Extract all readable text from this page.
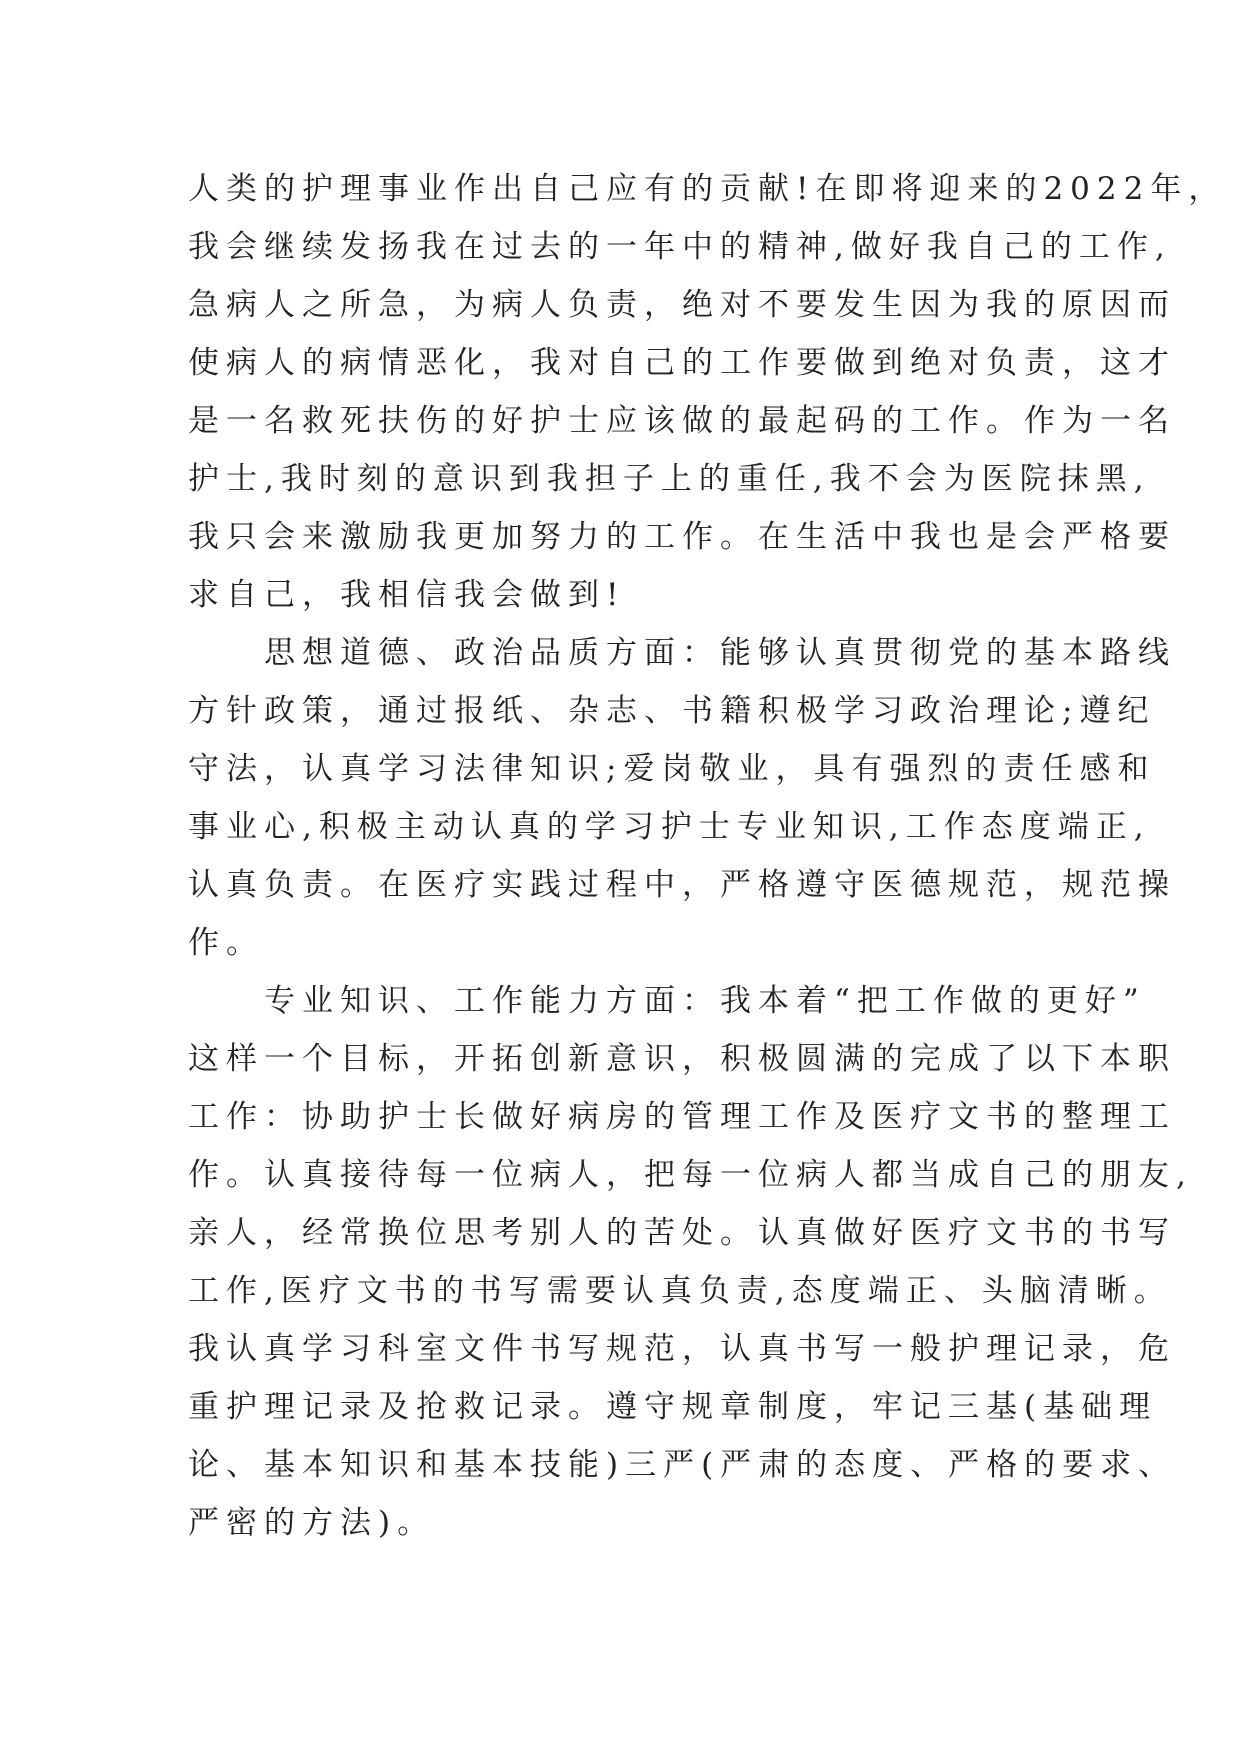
人类的护理事业作出自己应有的贡献!在即将迎来的2022年，
我会继续发扬我在过去的一年中的精神,做好我自己的工作,
急病人之所急，为病人负责，绝对不要发生因为我的原因而
使病人的病情恶化，我对自己的工作要做到绝对负责，这才
是一名救死扶伤的好护士应该做的最起码的工作。作为一名
护士,我时刻的意识到我担子上的重任,我不会为医院抹黑,
我只会来激励我更加努力的工作。在生活中我也是会严格要
求自己，我相信我会做到!
　　思想道德、政治品质方面：能够认真贯彻党的基本路线
方针政策，通过报纸、杂志、书籍积极学习政治理论;遵纪
守法，认真学习法律知识;爱岗敬业，具有强烈的责任感和
事业心,积极主动认真的学习护士专业知识,工作态度端正,
认真负责。在医疗实践过程中，严格遵守医德规范，规范操
作。
　　专业知识、工作能力方面：我本着“把工作做的更好”
这样一个目标，开拓创新意识，积极圆满的完成了以下本职
工作：协助护士长做好病房的管理工作及医疗文书的整理工
作。认真接待每一位病人，把每一位病人都当成自己的朋友,
亲人，经常换位思考别人的苦处。认真做好医疗文书的书写
工作,医疗文书的书写需要认真负责,态度端正、头脑清晰。
我认真学习科室文件书写规范，认真书写一般护理记录，危
重护理记录及抢救记录。遵守规章制度，牢记三基(基础理
论、基本知识和基本技能)三严(严肃的态度、严格的要求、
严密的方法)。
